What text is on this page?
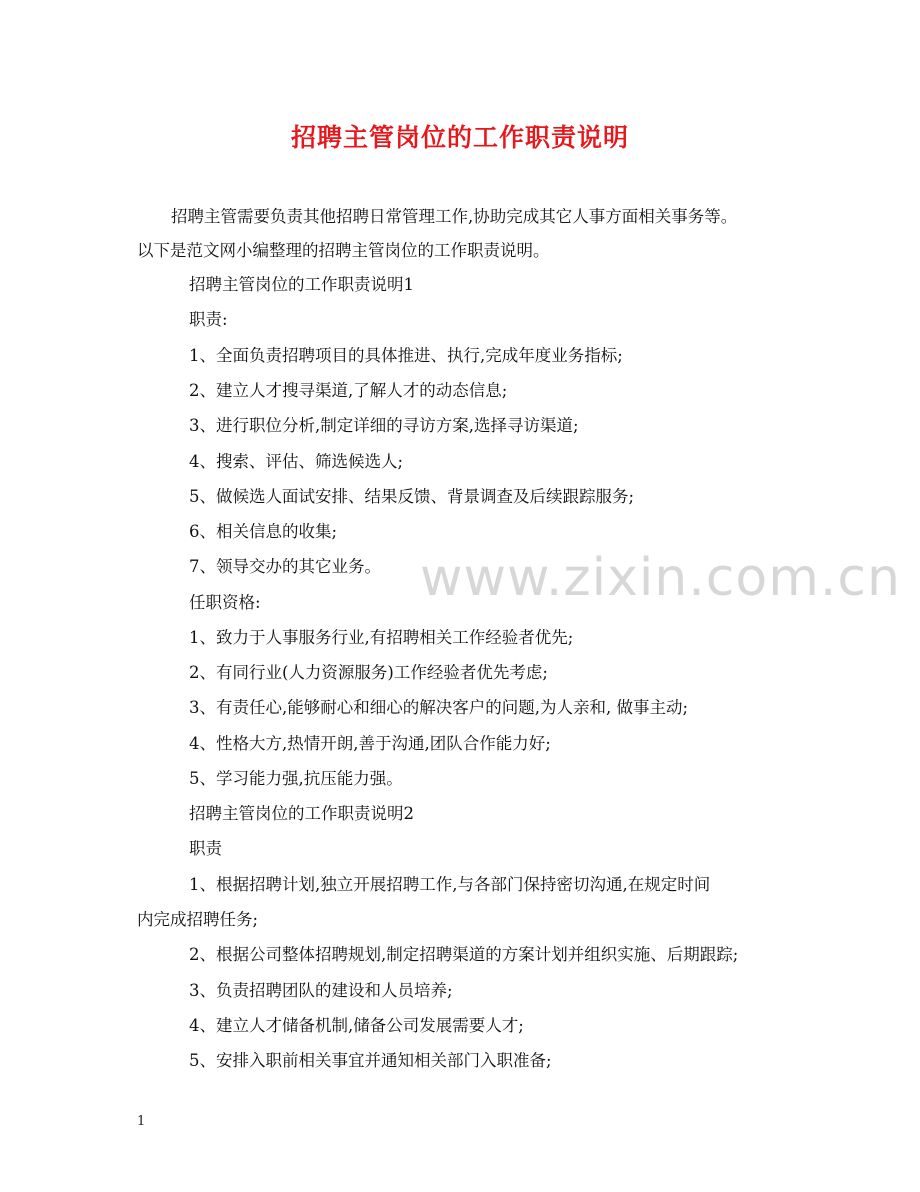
招聘主管岗位的工作职责说明
招聘主管需要负责其他招聘日常管理工作,协助完成其它人事方面相关事务等。
以下是范文网小编整理的招聘主管岗位的工作职责说明。
招聘主管岗位的工作职责说明1
职责:
1、全面负责招聘项目的具体推进、执行,完成年度业务指标;
2、建立人才搜寻渠道,了解人才的动态信息;
3、进行职位分析,制定详细的寻访方案,选择寻访渠道;
4、搜索、评估、筛选候选人;
5、做候选人面试安排、结果反馈、背景调查及后续跟踪服务;
6、相关信息的收集;
7、领导交办的其它业务。
任职资格:
1、致力于人事服务行业,有招聘相关工作经验者优先;
2、有同行业(人力资源服务)工作经验者优先考虑;
3、有责任心,能够耐心和细心的解决客户的问题,为人亲和, 做事主动;
4、性格大方,热情开朗,善于沟通,团队合作能力好;
5、学习能力强,抗压能力强。
招聘主管岗位的工作职责说明2
职责
1、根据招聘计划,独立开展招聘工作,与各部门保持密切沟通,在规定时间
内完成招聘任务;
2、根据公司整体招聘规划,制定招聘渠道的方案计划并组织实施、后期跟踪;
3、负责招聘团队的建设和人员培养;
4、建立人才储备机制,储备公司发展需要人才;
5、安排入职前相关事宜并通知相关部门入职准备;
www.zixin.com.cn
1
